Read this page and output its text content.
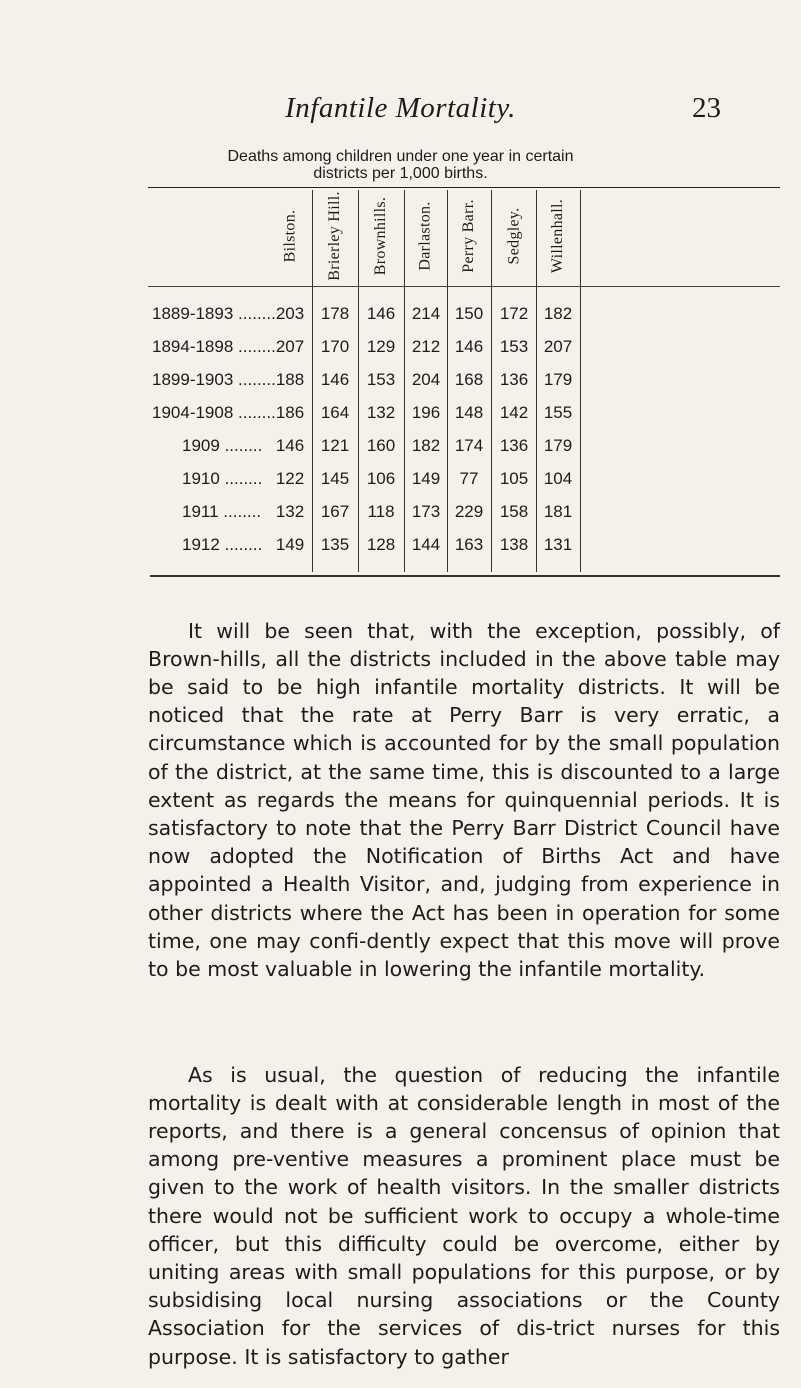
Infantile Mortality.	23
Deaths among children under one year in certain
districts per 1,000 births.
Bilston. Brierley Hill. Brownhills. Darlaston. Perry Barr. Sedgley. Willenhall.
1889-1893 ........ 203 178	146 214 150 172 182
1894-1898 ........ 207 170	129 212 146 153 207
1899-1903 ........ 188 146	153 204 168 136 179
1904-1908 ........ 186 164	132 196 148 142 155
1909 ........ 146 121	160 182 174 136 179
1910 ........ 122 145	106 149	77	105 104
1911 ........ 132 167	118	173 229 158 181
1912 ........ 149 135	128 144 163 138 131

It will be seen that, with the exception, possibly, of Brown-hills, all the districts included in the above table may be said to be high infantile mortality districts. It will be noticed that the rate at Perry Barr is very erratic, a circumstance which is accounted for by the small population of the district, at the same time, this is discounted to a large extent as regards the means for quinquennial periods. It is satisfactory to note that the Perry Barr District Council have now adopted the Notification of Births Act and have appointed a Health Visitor, and, judging from experience in other districts where the Act has been in operation for some time, one may confi-dently expect that this move will prove to be most valuable in lowering the infantile mortality.

As is usual, the question of reducing the infantile mortality is dealt with at considerable length in most of the reports, and there is a general concensus of opinion that among pre-ventive measures a prominent place must be given to the work of health visitors. In the smaller districts there would not be sufficient work to occupy a whole-time officer, but this difficulty could be overcome, either by uniting areas with small populations for this purpose, or by subsidising local nursing associations or the County Association for the services of dis-trict nurses for this purpose. It is satisfactory to gather
